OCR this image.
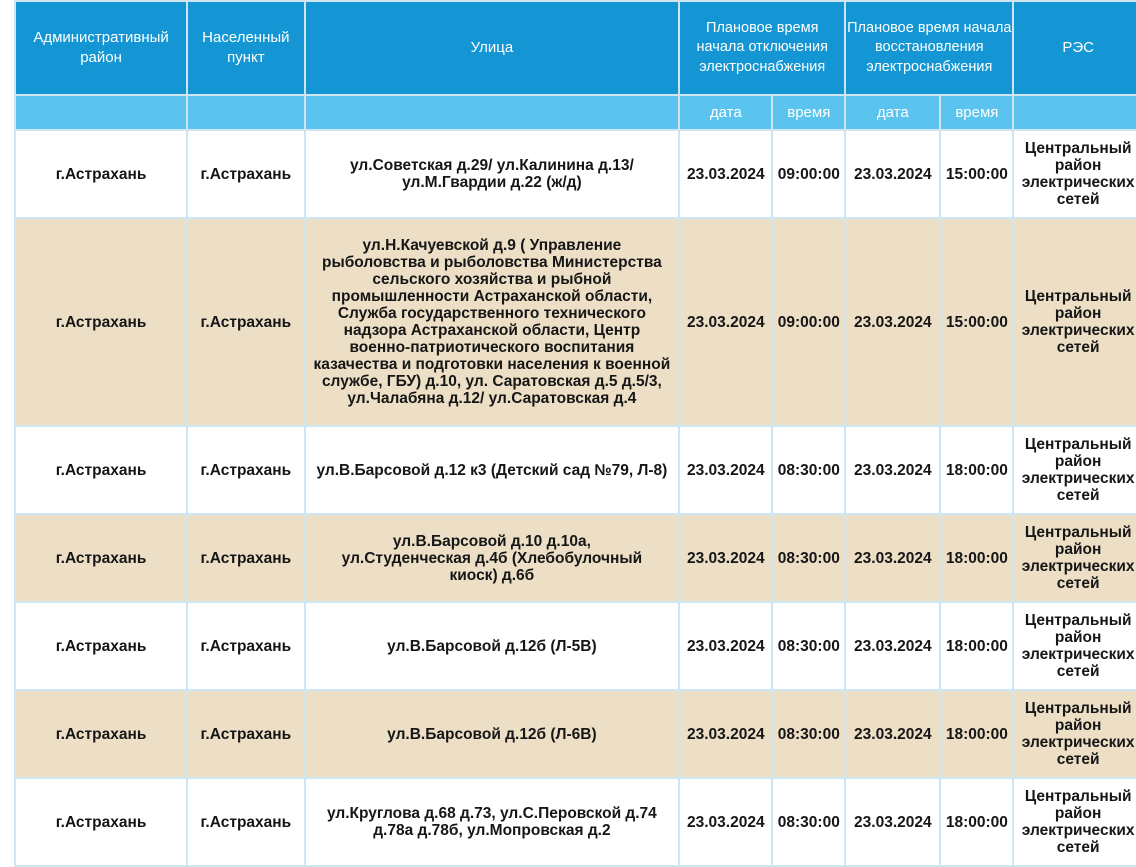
Административный район	Населенный пункт	Улица	Плановое время начала отключения электроснабжения		Плановое время начала восстановления электроснабжения		РЭС
			дата	время	дата	время	
г.Астрахань	г.Астрахань	ул.Советская д.29/ ул.Калинина д.13/ ул.М.Гвардии д.22 (ж/д)	23.03.2024	09:00:00	23.03.2024	15:00:00	Центральный район электрических сетей
г.Астрахань	г.Астрахань	ул.Н.Качуевской д.9 ( Управление рыболовства и рыболовства Министерства сельского хозяйства и рыбной промышленности Астраханской области, Служба государственного технического надзора Астраханской области, Центр военно-патриотического воспитания казачества и подготовки населения к военной службе, ГБУ) д.10, ул. Саратовская д.5 д.5/3, ул.Чалабяна д.12/ ул.Саратовская д.4	23.03.2024	09:00:00	23.03.2024	15:00:00	Центральный район электрических сетей
г.Астрахань	г.Астрахань	ул.В.Барсовой д.12 к3 (Детский сад №79, Л-8)	23.03.2024	08:30:00	23.03.2024	18:00:00	Центральный район электрических сетей
г.Астрахань	г.Астрахань	ул.В.Барсовой д.10 д.10а, ул.Студенческая д.4б (Хлебобулочный киоск) д.6б	23.03.2024	08:30:00	23.03.2024	18:00:00	Центральный район электрических сетей
г.Астрахань	г.Астрахань	ул.В.Барсовой д.12б (Л-5В)	23.03.2024	08:30:00	23.03.2024	18:00:00	Центральный район электрических сетей
г.Астрахань	г.Астрахань	ул.В.Барсовой д.12б (Л-6В)	23.03.2024	08:30:00	23.03.2024	18:00:00	Центральный район электрических сетей
г.Астрахань	г.Астрахань	ул.Круглова д.68 д.73, ул.С.Перовской д.74 д.78а д.78б, ул.Мопровская д.2	23.03.2024	08:30:00	23.03.2024	18:00:00	Центральный район электрических сетей
